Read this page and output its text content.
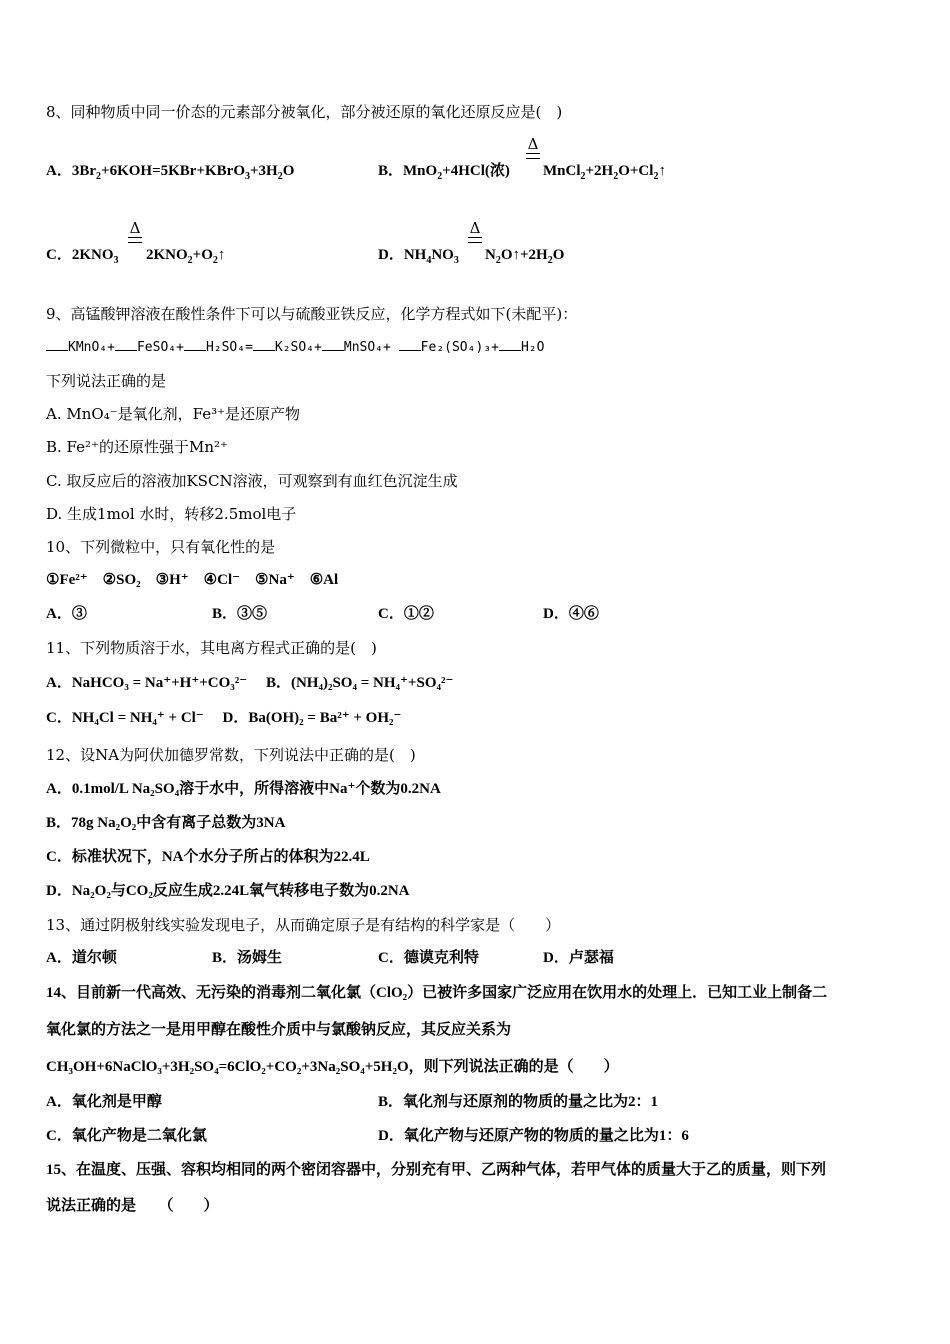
8、同种物质中同一价态的元素部分被氧化，部分被还原的氧化还原反应是(　)
A．$3Br_2+6KOH=5KBr+KBrO_3+3H_2O$	B．MnO$_2$+4HCl(浓)
Δ
$MnCl_2+2H_2O+Cl_2↑$
C．$2KNO_3$
Δ
$2KNO_2+O_2↑$	D．$NH_4NO_3$
Δ
$N_2O↑+2H_2O$
9、高锰酸钾溶液在酸性条件下可以与硫酸亚铁反应，化学方程式如下(未配平)：
KMnO₄+ FeSO₄+ H₂SO₄= K₂SO₄+ MnSO₄+ Fe₂(SO₄)₃+ H₂O
下列说法正确的是
A. MnO₄⁻是氧化剂，Fe³⁺是还原产物
B. Fe²⁺的还原性强于Mn²⁺
C. 取反应后的溶液加KSCN溶液，可观察到有血红色沉淀生成
D. 生成1mol 水时，转移2.5mol电子
10、下列微粒中，只有氧化性的是
①Fe²⁺　②SO₂　③H⁺　④Cl⁻　⑤Na⁺　⑥Al
A．③	B．③⑤	C．①②	D．④⑥
11、下列物质溶于水，其电离方程式正确的是(　)
A．NaHCO₃ = Na⁺+H⁺+CO₃²⁻　 B．(NH₄)₂SO₄ = NH₄⁺+SO₄²⁻
C．NH₄Cl = NH₄⁺ + Cl⁻　 D．Ba(OH)₂ = Ba²⁺ + OH₂⁻
12、设NA为阿伏加德罗常数，下列说法中正确的是(　)
A．0.1mol/L Na₂SO₄溶于水中，所得溶液中Na⁺个数为0.2NA
B．78g Na₂O₂中含有离子总数为3NA
C．标准状况下，NA个水分子所占的体积为22.4L
D．Na₂O₂与CO₂反应生成2.24L氧气转移电子数为0.2NA
13、通过阴极射线实验发现电子，从而确定原子是有结构的科学家是（　　）
A．道尔顿	B．汤姆生	C．德谟克利特	D．卢瑟福
14、目前新一代高效、无污染的消毒剂二氧化氯（ClO₂）已被许多国家广泛应用在饮用水的处理上．已知工业上制备二
氧化氯的方法之一是用甲醇在酸性介质中与氯酸钠反应，其反应关系为
CH₃OH+6NaClO₃+3H₂SO₄=6ClO₂+CO₂+3Na₂SO₄+5H₂O，则下列说法正确的是（　　）
A．氧化剂是甲醇	B．氧化剂与还原剂的物质的量之比为2：1
C．氧化产物是二氧化氯	D．氧化产物与还原产物的物质的量之比为1：6
15、在温度、压强、容积均相同的两个密闭容器中，分别充有甲、乙两种气体，若甲气体的质量大于乙的质量，则下列
说法正确的是　　（　　）
